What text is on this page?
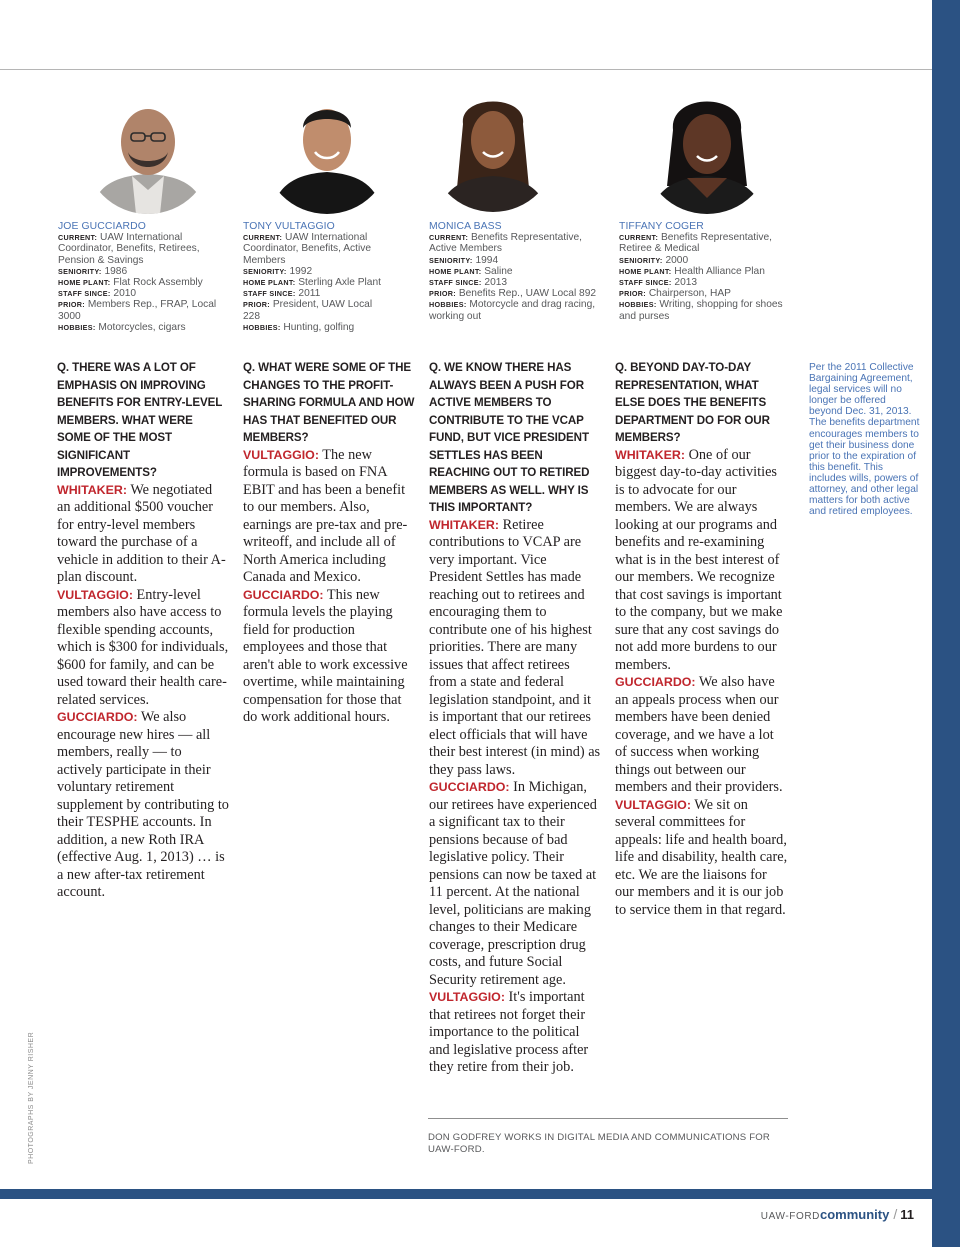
PHOTOGRAPHS BY JENNY RISHER
JOE GUCCIARDO
CURRENT: UAW International Coordinator, Benefits, Retirees, Pension & Savings
SENIORITY: 1986
HOME PLANT: Flat Rock Assembly
STAFF SINCE: 2010
PRIOR: Members Rep., FRAP, Local 3000
HOBBIES: Motorcycles, cigars
TONY VULTAGGIO
CURRENT: UAW International Coordinator, Benefits, Active Members
SENIORITY: 1992
HOME PLANT: Sterling Axle Plant
STAFF SINCE: 2011
PRIOR: President, UAW Local 228
HOBBIES: Hunting, golfing
MONICA BASS
CURRENT: Benefits Representative, Active Members
SENIORITY: 1994
HOME PLANT: Saline
STAFF SINCE: 2013
PRIOR: Benefits Rep., UAW Local 892
HOBBIES: Motorcycle and drag racing, working out
TIFFANY COGER
CURRENT: Benefits Representative, Retiree & Medical
SENIORITY: 2000
HOME PLANT: Health Alliance Plan
STAFF SINCE: 2013
PRIOR: Chairperson, HAP
HOBBIES: Writing, shopping for shoes and purses
Q. THERE WAS A LOT OF EMPHASIS ON IMPROVING BENEFITS FOR ENTRY-LEVEL MEMBERS. WHAT WERE SOME OF THE MOST SIGNIFICANT IMPROVEMENTS?
WHITAKER: We negotiated an additional $500 voucher for entry-level members toward the purchase of a vehicle in addition to their A-plan discount.
VULTAGGIO: Entry-level members also have access to flexible spending accounts, which is $300 for individuals, $600 for family, and can be used toward their health care-related services.
GUCCIARDO: We also encourage new hires — all members, really — to actively participate in their voluntary retirement supplement by contributing to their TESPHE accounts. In addition, a new Roth IRA (effective Aug. 1, 2013) … is a new after-tax retirement account.
Q. WHAT WERE SOME OF THE CHANGES TO THE PROFIT-SHARING FORMULA AND HOW HAS THAT BENEFITED OUR MEMBERS?
VULTAGGIO: The new formula is based on FNA EBIT and has been a benefit to our members. Also, earnings are pre-tax and pre-writeoff, and include all of North America including Canada and Mexico.
GUCCIARDO: This new formula levels the playing field for production employees and those that aren't able to work excessive overtime, while maintaining compensation for those that do work additional hours.
Q. WE KNOW THERE HAS ALWAYS BEEN A PUSH FOR ACTIVE MEMBERS TO CONTRIBUTE TO THE VCAP FUND, BUT VICE PRESIDENT SETTLES HAS BEEN REACHING OUT TO RETIRED MEMBERS AS WELL. WHY IS THIS IMPORTANT?
WHITAKER: Retiree contributions to VCAP are very important. Vice President Settles has made reaching out to retirees and encouraging them to contribute one of his highest priorities. There are many issues that affect retirees from a state and federal legislation standpoint, and it is important that our retirees elect officials that will have their best interest (in mind) as they pass laws.
GUCCIARDO: In Michigan, our retirees have experienced a significant tax to their pensions because of bad legislative policy. Their pensions can now be taxed at 11 percent. At the national level, politicians are making changes to their Medicare coverage, prescription drug costs, and future Social Security retirement age.
VULTAGGIO: It's important that retirees not forget their importance to the political and legislative process after they retire from their job.
Q. BEYOND DAY-TO-DAY REPRESENTATION, WHAT ELSE DOES THE BENEFITS DEPARTMENT DO FOR OUR MEMBERS?
WHITAKER: One of our biggest day-to-day activities is to advocate for our members. We are always looking at our programs and benefits and re-examining what is in the best interest of our members. We recognize that cost savings is important to the company, but we make sure that any cost savings do not add more burdens to our members.
GUCCIARDO: We also have an appeals process when our members have been denied coverage, and we have a lot of success when working things out between our members and their providers.
VULTAGGIO: We sit on several committees for appeals: life and health board, life and disability, health care, etc. We are the liaisons for our members and it is our job to service them in that regard.
Per the 2011 Collective Bargaining Agreement, legal services will no longer be offered beyond Dec. 31, 2013. The benefits department encourages members to get their business done prior to the expiration of this benefit. This includes wills, powers of attorney, and other legal matters for both active and retired employees.
DON GODFREY WORKS IN DIGITAL MEDIA AND COMMUNICATIONS FOR UAW-FORD.
UAW-FORDcommunity / 11
